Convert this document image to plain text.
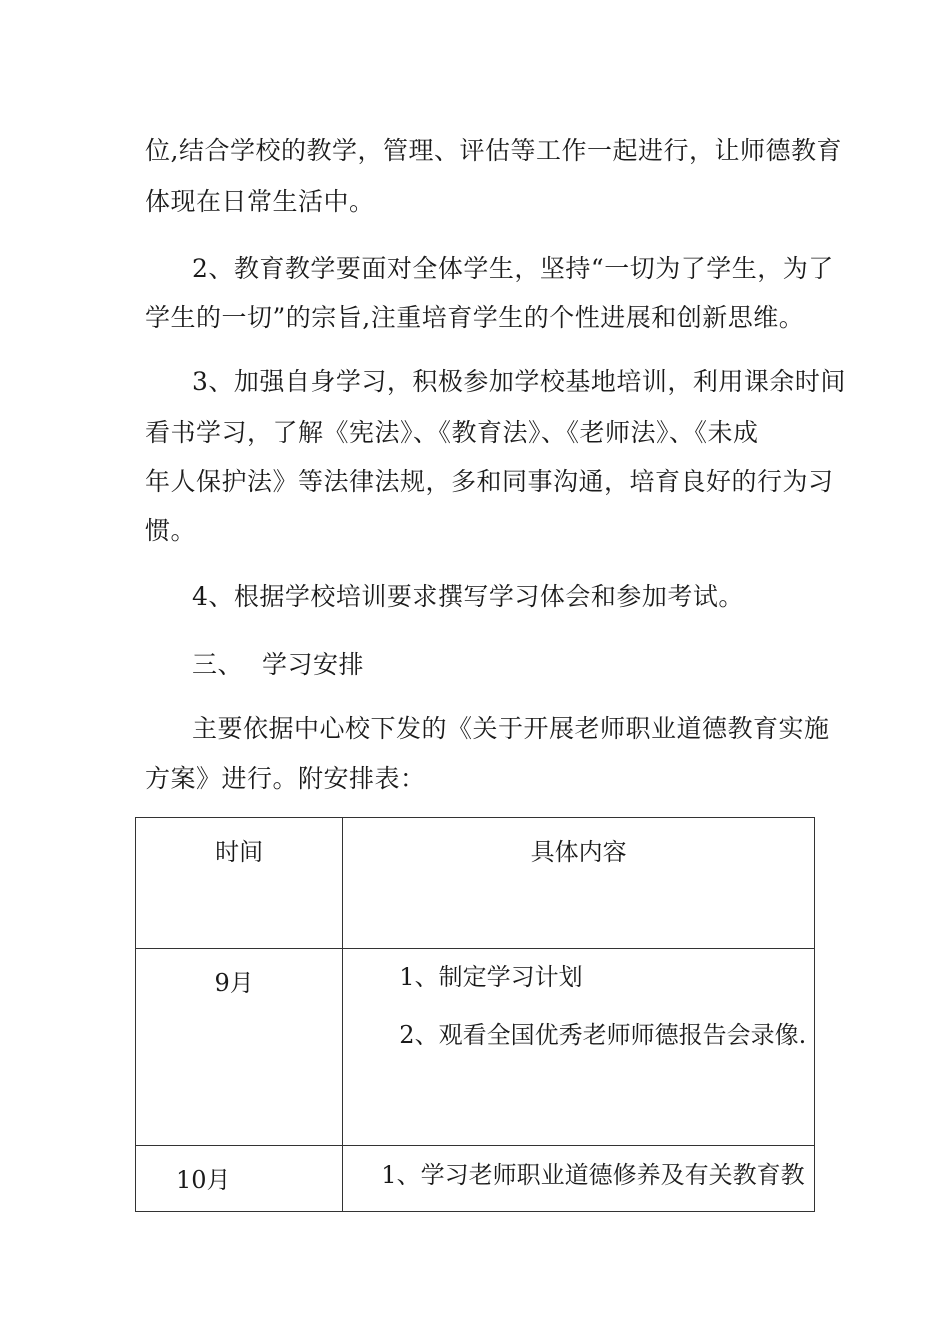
位,结合学校的教学，管理、评估等工作一起进行，让师德教育
体现在日常生活中。
2、教育教学要面对全体学生，坚持“一切为了学生，为了
学生的一切”的宗旨,注重培育学生的个性进展和创新思维。
3、加强自身学习，积极参加学校基地培训，利用课余时间
看书学习，了解《宪法》、《教育法》、《老师法》、《未成
年人保护法》等法律法规，多和同事沟通，培育良好的行为习
惯。
4、根据学校培训要求撰写学习体会和参加考试。
三、 学习安排
主要依据中心校下发的《关于开展老师职业道德教育实施
方案》进行。附安排表：
时间	具体内容

9月	1、制定学习计划
2、观看全国优秀老师师德报告会录像.

10月	1、学习老师职业道德修养及有关教育教
